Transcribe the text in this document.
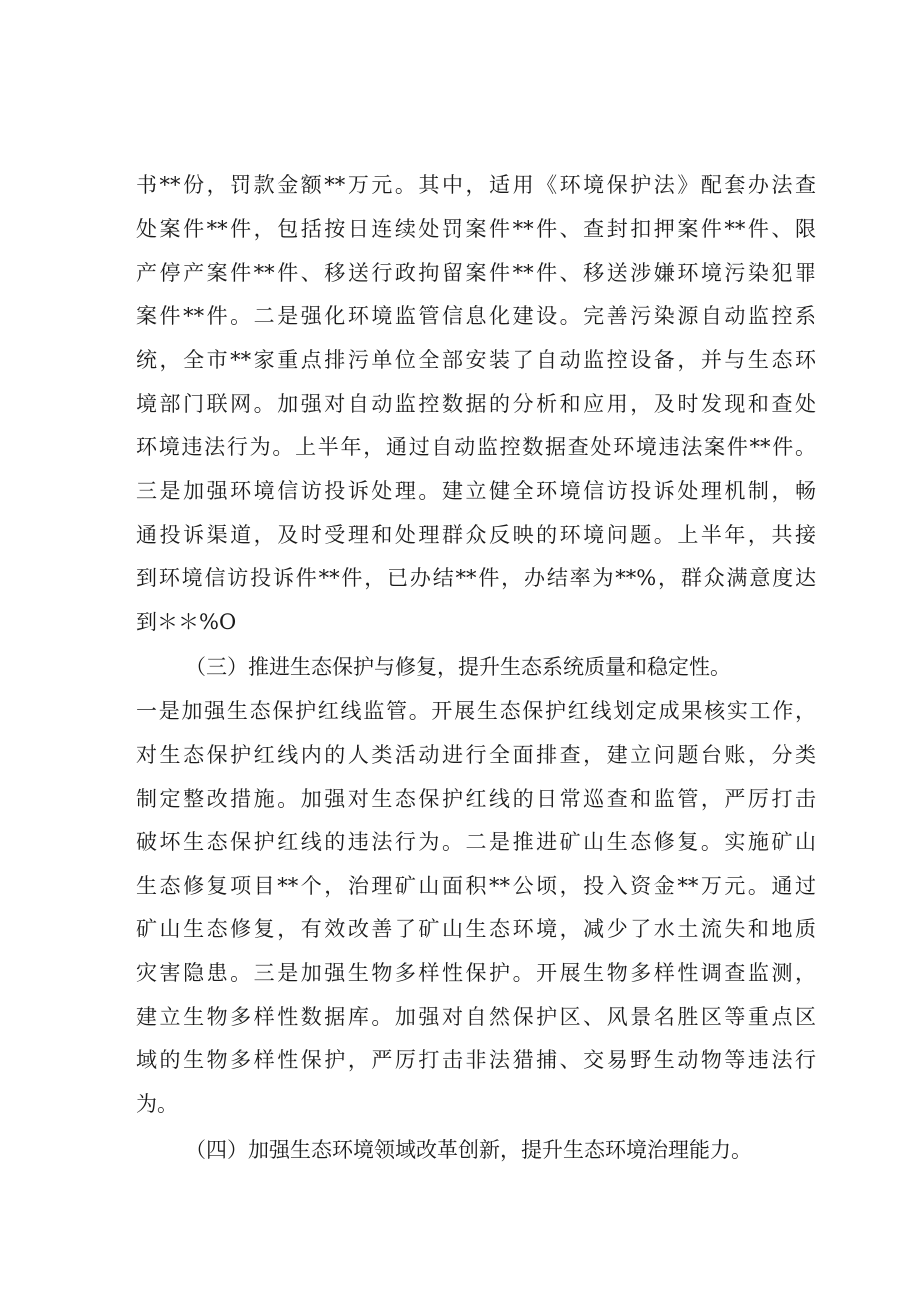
书**份，罚款金额**万元。其中，适用《环境保护法》配套办法查
处案件**件，包括按日连续处罚案件**件、查封扣押案件**件、限
产停产案件**件、移送行政拘留案件**件、移送涉嫌环境污染犯罪
案件**件。二是强化环境监管信息化建设。完善污染源自动监控系
统，全市**家重点排污单位全部安装了自动监控设备，并与生态环
境部门联网。加强对自动监控数据的分析和应用，及时发现和查处
环境违法行为。上半年，通过自动监控数据查处环境违法案件**件。
三是加强环境信访投诉处理。建立健全环境信访投诉处理机制，畅
通投诉渠道，及时受理和处理群众反映的环境问题。上半年，共接
到环境信访投诉件**件，已办结**件，办结率为**%，群众满意度达
到＊＊%O
（三）推进生态保护与修复，提升生态系统质量和稳定性。
一是加强生态保护红线监管。开展生态保护红线划定成果核实工作，
对生态保护红线内的人类活动进行全面排查，建立问题台账，分类
制定整改措施。加强对生态保护红线的日常巡查和监管，严厉打击
破坏生态保护红线的违法行为。二是推进矿山生态修复。实施矿山
生态修复项目**个，治理矿山面积**公顷，投入资金**万元。通过
矿山生态修复，有效改善了矿山生态环境，减少了水土流失和地质
灾害隐患。三是加强生物多样性保护。开展生物多样性调查监测，
建立生物多样性数据库。加强对自然保护区、风景名胜区等重点区
域的生物多样性保护，严厉打击非法猎捕、交易野生动物等违法行
为。
（四）加强生态环境领域改革创新，提升生态环境治理能力。
